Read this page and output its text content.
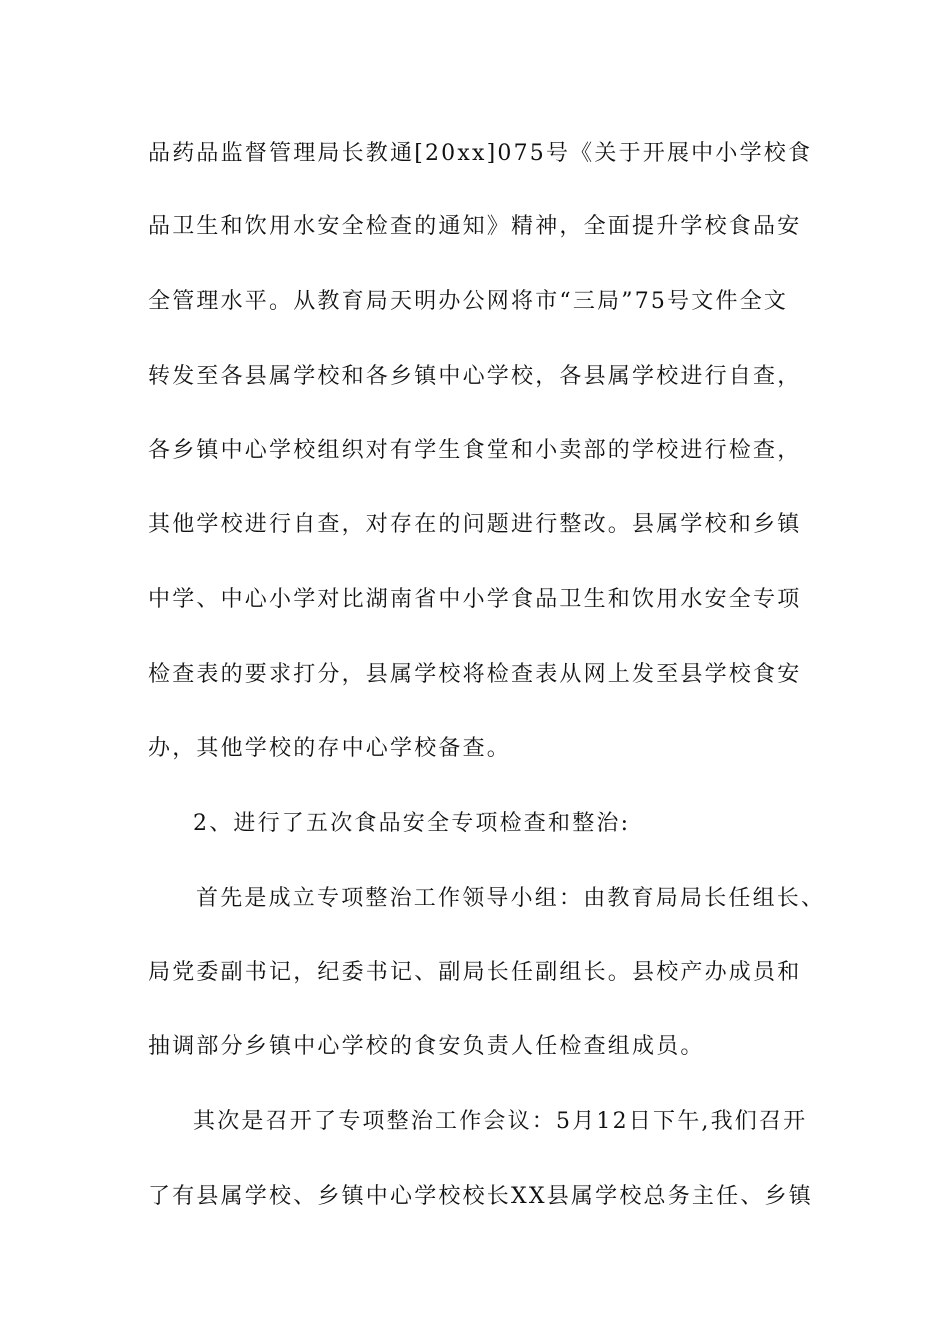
品药品监督管理局长教通[20xx]075号《关于开展中小学校食
品卫生和饮用水安全检查的通知》精神，全面提升学校食品安
全管理水平。从教育局天明办公网将市“三局”75号文件全文
转发至各县属学校和各乡镇中心学校，各县属学校进行自查，
各乡镇中心学校组织对有学生食堂和小卖部的学校进行检查，
其他学校进行自查，对存在的问题进行整改。县属学校和乡镇
中学、中心小学对比湖南省中小学食品卫生和饮用水安全专项
检查表的要求打分，县属学校将检查表从网上发至县学校食安
办，其他学校的存中心学校备查。
2、进行了五次食品安全专项检查和整治:
首先是成立专项整治工作领导小组：由教育局局长任组长、
局党委副书记，纪委书记、副局长任副组长。县校产办成员和
抽调部分乡镇中心学校的食安负责人任检查组成员。
其次是召开了专项整治工作会议：5月12日下午,我们召开
了有县属学校、乡镇中心学校校长XX县属学校总务主任、乡镇
